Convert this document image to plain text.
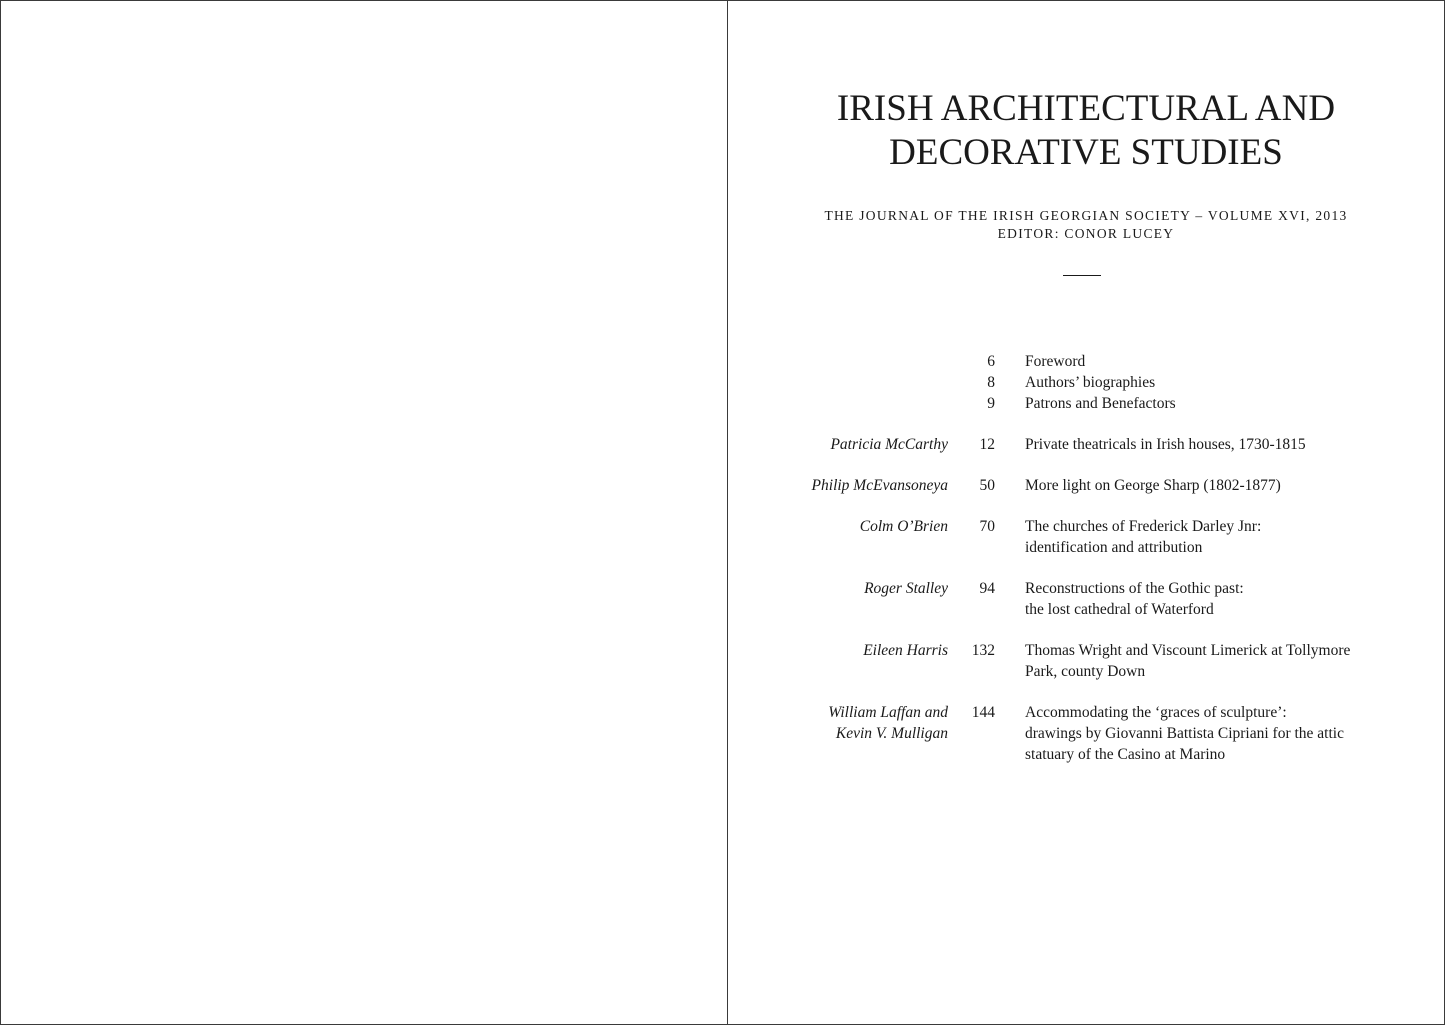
IRISH ARCHITECTURAL AND
DECORATIVE STUDIES
THE JOURNAL OF THE IRISH GEORGIAN SOCIETY – VOLUME XVI, 2013
EDITOR: CONOR LUCEY
6 Foreword
8 Authors’ biographies
9 Patrons and Benefactors
Patricia McCarthy	12 Private theatricals in Irish houses, 1730-1815
Philip McEvansoneya	50 More light on George Sharp (1802-1877)
Colm O’Brien	70 The churches of Frederick Darley Jnr:
identification and attribution
Roger Stalley	94 Reconstructions of the Gothic past:
the lost cathedral of Waterford
Eileen Harris	132 Thomas Wright and Viscount Limerick at Tollymore
Park, county Down
William Laffan and
Kevin V. Mulligan
144 Accommodating the ‘graces of sculpture’:
drawings by Giovanni Battista Cipriani for the attic
statuary of the Casino at Marino
